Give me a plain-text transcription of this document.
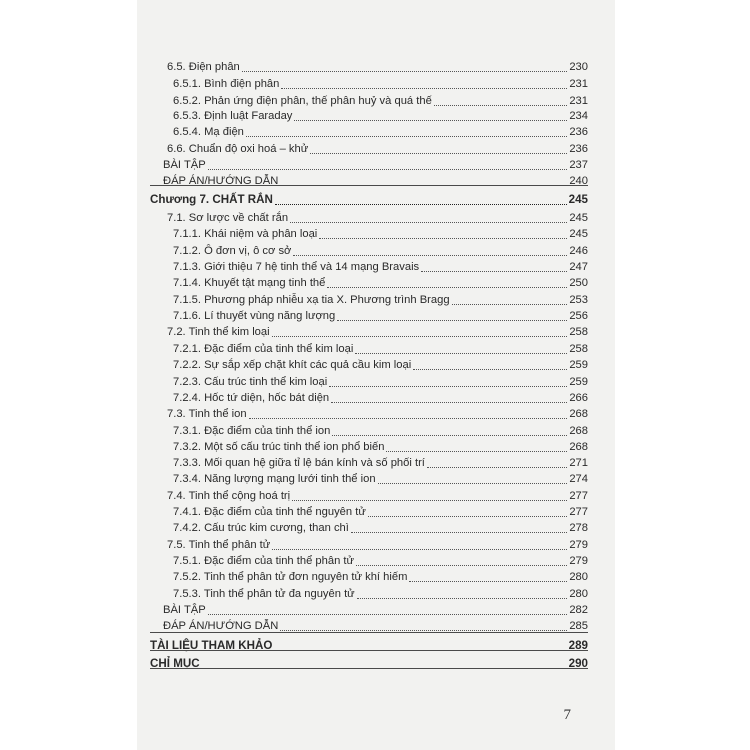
6.5. Điện phân	230
6.5.1. Bình điện phân	231
6.5.2. Phản ứng điện phân, thế phân huỷ và quá thế	231
6.5.3. Định luật Faraday	234
6.5.4. Mạ điện	236
6.6. Chuẩn độ oxi hoá – khử	236
BÀI TẬP	237
ĐÁP ÁN/HƯỚNG DẪN	240
Chương 7. CHẤT RẮN	245
7.1. Sơ lược về chất rắn	245
7.1.1. Khái niệm và phân loại	245
7.1.2. Ô đơn vị, ô cơ sở	246
7.1.3. Giới thiệu 7 hệ tinh thể và 14 mạng Bravais	247
7.1.4. Khuyết tật mạng tinh thể	250
7.1.5. Phương pháp nhiễu xạ tia X. Phương trình Bragg	253
7.1.6. Lí thuyết vùng năng lượng	256
7.2. Tinh thể kim loại	258
7.2.1. Đặc điểm của tinh thể kim loại	258
7.2.2. Sự sắp xếp chặt khít các quả cầu kim loại	259
7.2.3. Cấu trúc tinh thể kim loại	259
7.2.4. Hốc tứ diện, hốc bát diện	266
7.3. Tinh thể ion	268
7.3.1. Đặc điểm của tinh thể ion	268
7.3.2. Một số cấu trúc tinh thể ion phổ biến	268
7.3.3. Mối quan hệ giữa tỉ lệ bán kính và số phối trí	271
7.3.4. Năng lượng mạng lưới tinh thể ion	274
7.4. Tinh thể cộng hoá trị	277
7.4.1. Đặc điểm của tinh thể nguyên tử	277
7.4.2. Cấu trúc kim cương, than chì	278
7.5. Tinh thể phân tử	279
7.5.1. Đặc điểm của tinh thể phân tử	279
7.5.2. Tinh thể phân tử đơn nguyên tử khí hiếm	280
7.5.3. Tinh thể phân tử đa nguyên tử	280
BÀI TẬP	282
ĐÁP ÁN/HƯỚNG DẪN	285
TÀI LIỆU THAM KHẢO	289
CHỈ MỤC	290
7
